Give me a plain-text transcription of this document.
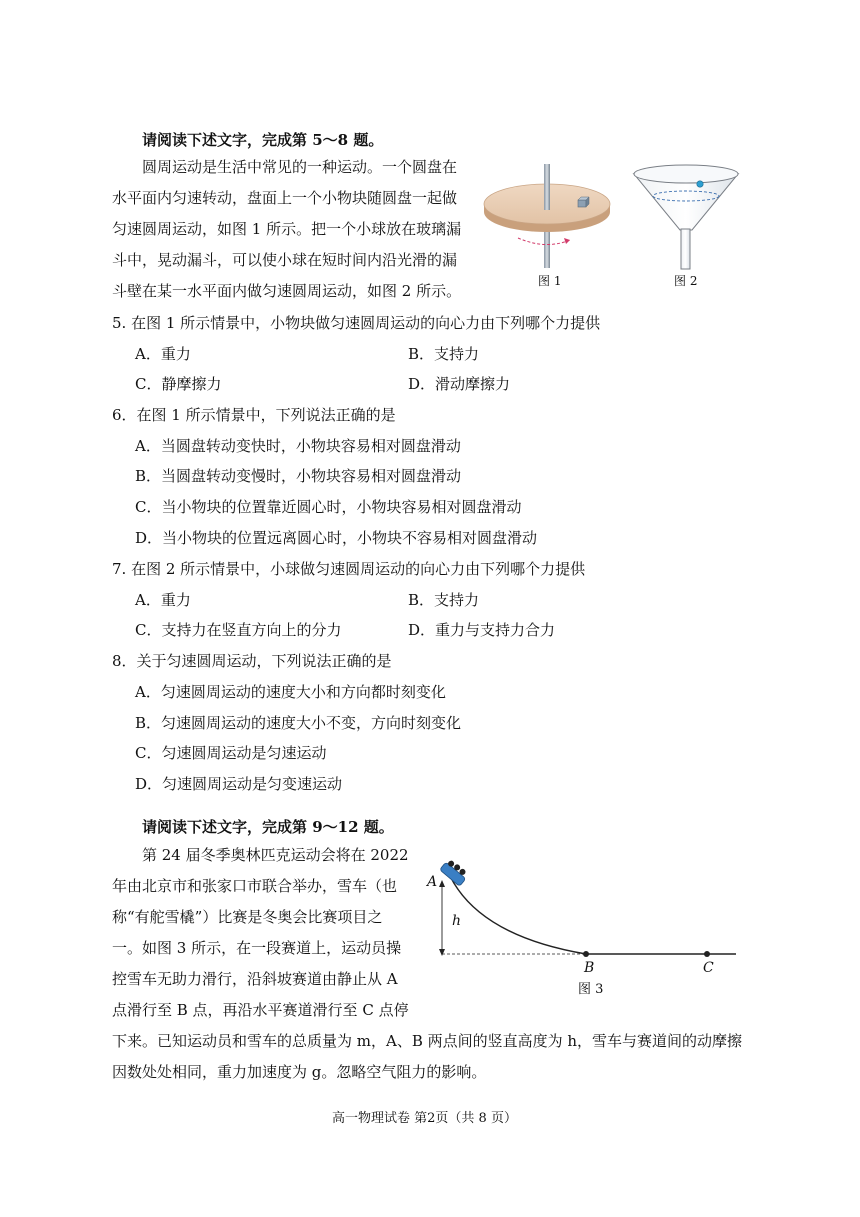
请阅读下述文字，完成第 5～8 题。
圆周运动是生活中常见的一种运动。一个圆盘在
水平面内匀速转动，盘面上一个小物块随圆盘一起做
匀速圆周运动，如图 1 所示。把一个小球放在玻璃漏
斗中，晃动漏斗，可以使小球在短时间内沿光滑的漏
斗壁在某一水平面内做匀速圆周运动，如图 2 所示。
图 1	图 2
5. 在图 1 所示情景中，小物块做匀速圆周运动的向心力由下列哪个力提供
A．重力	B．支持力
C．静摩擦力	D．滑动摩擦力
6．在图 1 所示情景中，下列说法正确的是
A．当圆盘转动变快时，小物块容易相对圆盘滑动
B．当圆盘转动变慢时，小物块容易相对圆盘滑动
C．当小物块的位置靠近圆心时，小物块容易相对圆盘滑动
D．当小物块的位置远离圆心时，小物块不容易相对圆盘滑动
7. 在图 2 所示情景中，小球做匀速圆周运动的向心力由下列哪个力提供
A．重力	B．支持力
C．支持力在竖直方向上的分力	D．重力与支持力合力
8．关于匀速圆周运动，下列说法正确的是
A．匀速圆周运动的速度大小和方向都时刻变化
B．匀速圆周运动的速度大小不变，方向时刻变化
C．匀速圆周运动是匀速运动
D．匀速圆周运动是匀变速运动
请阅读下述文字，完成第 9～12 题。
第 24 届冬季奥林匹克运动会将在 2022
年由北京市和张家口市联合举办，雪车（也
称“有舵雪橇”）比赛是冬奥会比赛项目之
一。如图 3 所示，在一段赛道上，运动员操
控雪车无助力滑行，沿斜坡赛道由静止从 A
点滑行至 B 点，再沿水平赛道滑行至 C 点停
下来。已知运动员和雪车的总质量为 m，A、B 两点间的竖直高度为 h，雪车与赛道间的动摩擦
因数处处相同，重力加速度为 g。忽略空气阻力的影响。
A
h
B	C
图 3
高一物理试卷 第2页（共 8 页）
